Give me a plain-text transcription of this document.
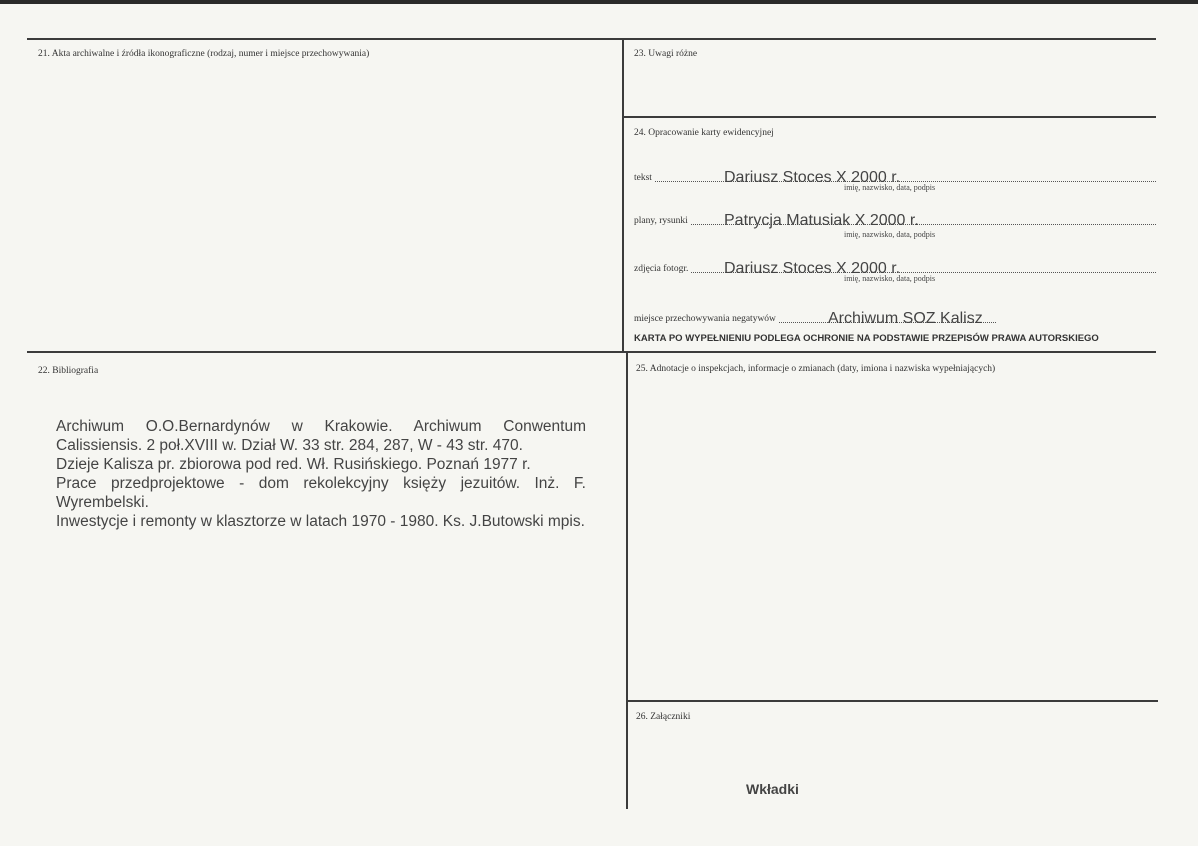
21. Akta archiwalne i źródła ikonograficzne (rodzaj, numer i miejsce przechowywania)
22. Bibliografia
23. Uwagi różne
24. Opracowanie karty ewidencyjnej
25. Adnotacje o inspekcjach, informacje o zmianach (daty, imiona i nazwiska wypełniających)
26. Załączniki
tekst	Dariusz Stoces X 2000 r.
imię, nazwisko, data, podpis
plany, rysunki Patrycja Matusiak X 2000 r.
imię, nazwisko, data, podpis
zdjęcia fotogr. Dariusz Stoces X 2000 r.
imię, nazwisko, data, podpis
miejsce przechowywania negatywów	Archiwum SOZ Kalisz
KARTA PO WYPEŁNIENIU PODLEGA OCHRONIE NA PODSTAWIE PRZEPISÓW PRAWA AUTORSKIEGO

Archiwum O.O.Bernardynów w Krakowie. Archiwum Conwentum Calissiensis. 2 poł.XVIII w. Dział W. 33 str. 284, 287, W - 43 str. 470.

Dzieje Kalisza pr. zbiorowa pod red. Wł. Rusińskiego. Poznań 1977 r.

Prace przedprojektowe - dom rekolekcyjny księży jezuitów. Inż. F. Wyrembelski.

Inwestycje i remonty w klasztorze w latach 1970 - 1980. Ks. J.Butowski mpis.

Wkładki
